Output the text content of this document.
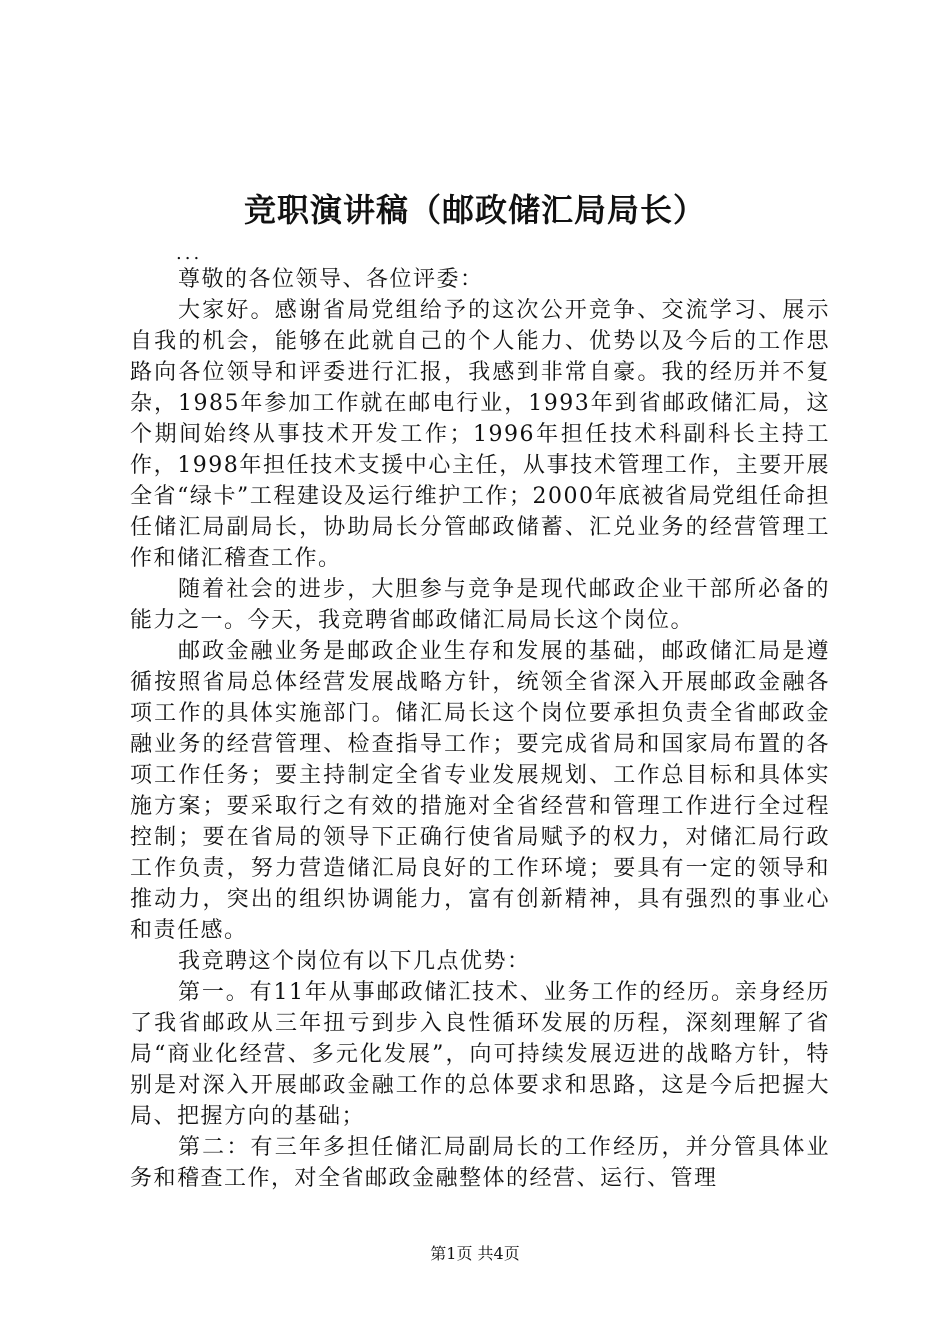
竞职演讲稿（邮政储汇局局长）
...

尊敬的各位领导、各位评委：

大家好。感谢省局党组给予的这次公开竞争、交流学习、展示自我的机会，能够在此就自己的个人能力、优势以及今后的工作思路向各位领导和评委进行汇报，我感到非常自豪。我的经历并不复杂，1985年参加工作就在邮电行业，1993年到省邮政储汇局，这个期间始终从事技术开发工作；1996年担任技术科副科长主持工作，1998年担任技术支援中心主任，从事技术管理工作，主要开展全省“绿卡”工程建设及运行维护工作；2000年底被省局党组任命担任储汇局副局长，协助局长分管邮政储蓄、汇兑业务的经营管理工作和储汇稽查工作。

随着社会的进步，大胆参与竞争是现代邮政企业干部所必备的能力之一。今天，我竞聘省邮政储汇局局长这个岗位。

邮政金融业务是邮政企业生存和发展的基础，邮政储汇局是遵循按照省局总体经营发展战略方针，统领全省深入开展邮政金融各项工作的具体实施部门。储汇局长这个岗位要承担负责全省邮政金融业务的经营管理、检查指导工作；要完成省局和国家局布置的各项工作任务；要主持制定全省专业发展规划、工作总目标和具体实施方案；要采取行之有效的措施对全省经营和管理工作进行全过程控制；要在省局的领导下正确行使省局赋予的权力，对储汇局行政工作负责，努力营造储汇局良好的工作环境；要具有一定的领导和推动力，突出的组织协调能力，富有创新精神，具有强烈的事业心和责任感。

我竞聘这个岗位有以下几点优势：

第一。有11年从事邮政储汇技术、业务工作的经历。亲身经历了我省邮政从三年扭亏到步入良性循环发展的历程，深刻理解了省局“商业化经营、多元化发展”，向可持续发展迈进的战略方针，特别是对深入开展邮政金融工作的总体要求和思路，这是今后把握大局、把握方向的基础；

第二：有三年多担任储汇局副局长的工作经历，并分管具体业务和稽查工作，对全省邮政金融整体的经营、运行、管理

第1页 共4页
